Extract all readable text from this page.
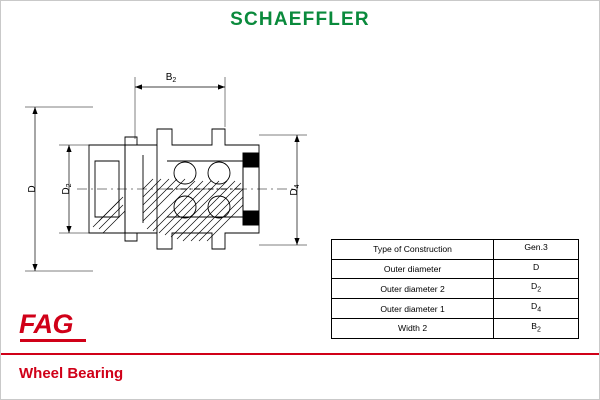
SCHAEFFLER
$B_2$
D $D_2$
$D_4$
Type of Construction	Gen.3
Outer diameter	D
Outer diameter 2	$D_2$
Outer diameter 1	$D_4$
Width 2	$B_2$
FAG
Wheel Bearing
